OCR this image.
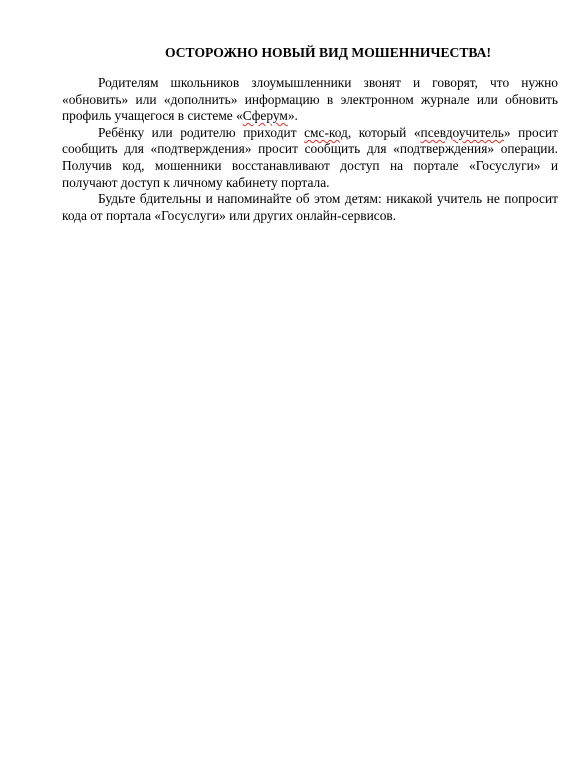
ОСТОРОЖНО НОВЫЙ ВИД МОШЕННИЧЕСТВА!

Родителям школьников злоумышленники звонят и говорят, что нужно «обновить» или «дополнить» информацию в электронном журнале или обновить профиль учащегося в системе «Сферум».

Ребёнку или родителю приходит смс-код, который «псевдоучитель» просит сообщить для «подтверждения» просит сообщить для «подтверждения» операции. Получив код, мошенники восстанавливают доступ на портале «Госуслуги» и получают доступ к личному кабинету портала.

Будьте бдительны и напоминайте об этом детям: никакой учитель не попросит кода от портала «Госуслуги» или других онлайн-сервисов.
